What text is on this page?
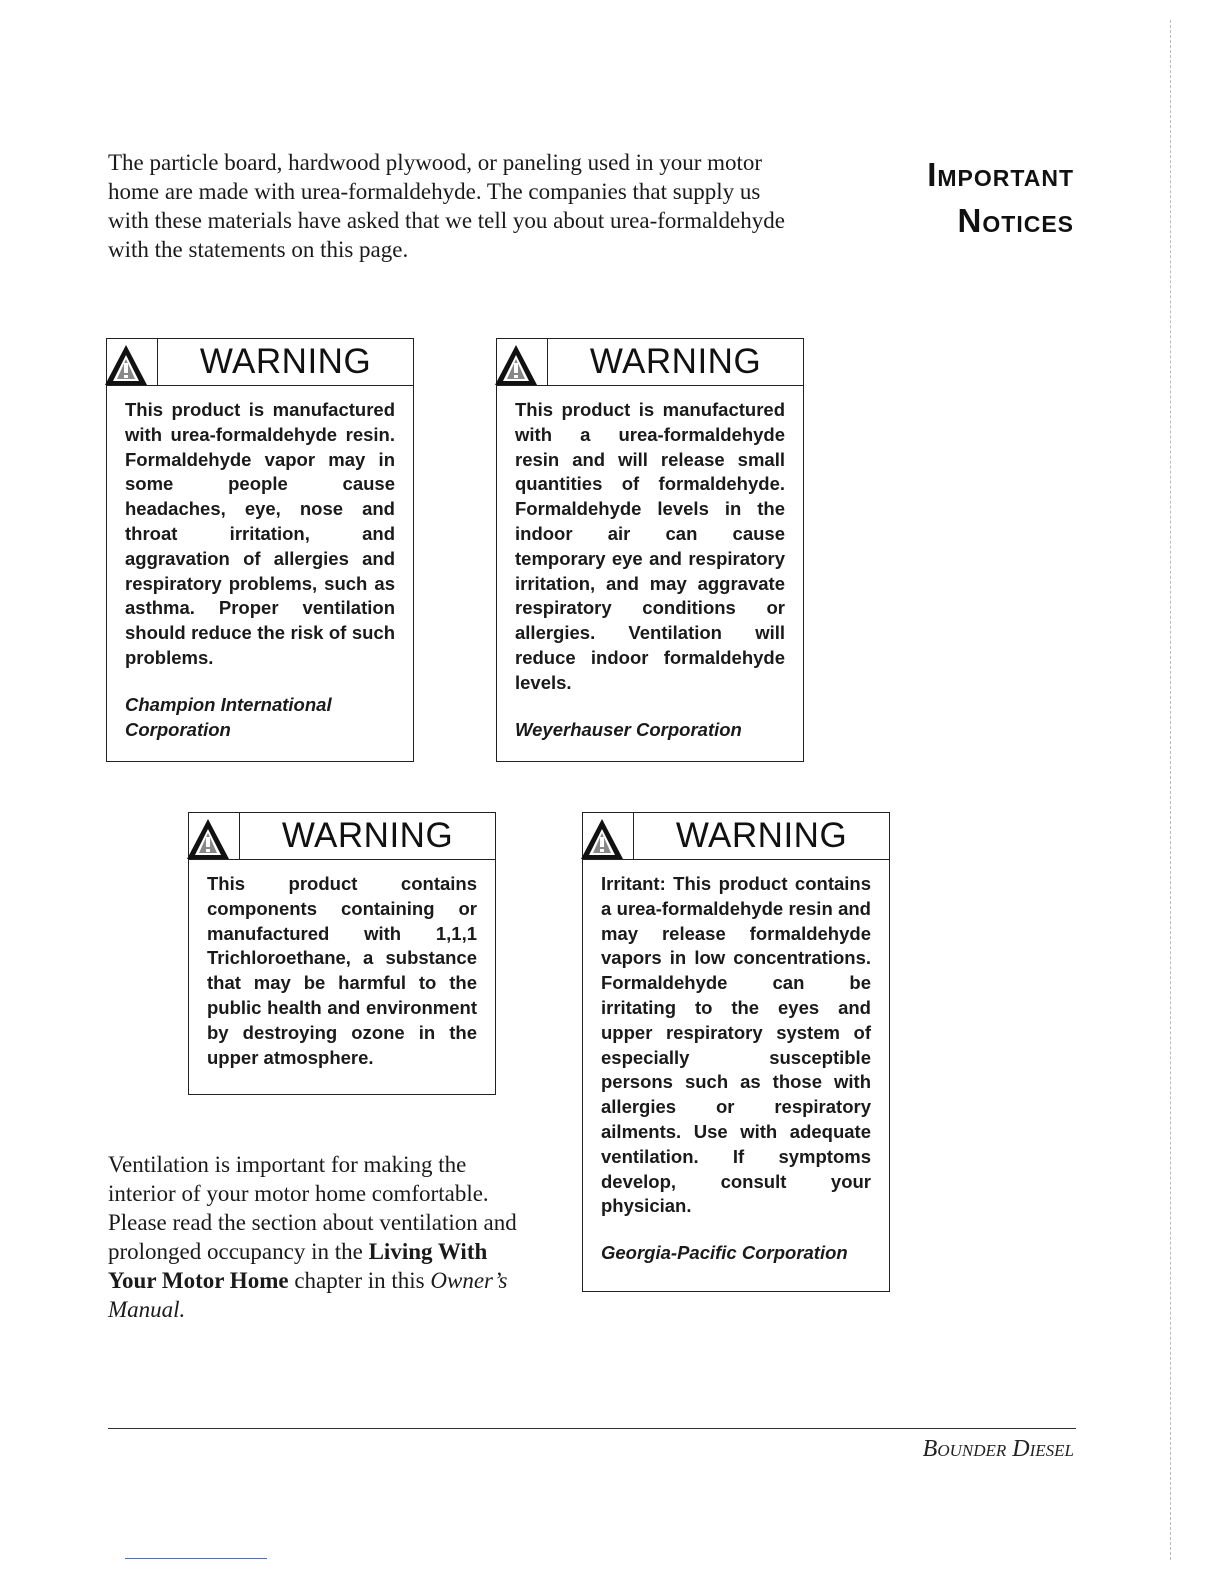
The particle board, hardwood plywood, or paneling used in your motor home are made with urea-formaldehyde. The companies that supply us with these materials have asked that we tell you about urea-formaldehyde with the statements on this page.

Important
Notices
WARNING
This product is manufactured with urea-formaldehyde resin. Formaldehyde vapor may in some people cause headaches, eye, nose and throat irritation, and aggravation of allergies and respiratory problems, such as asthma. Proper ventilation should reduce the risk of such problems.
Champion International Corporation
WARNING
This product is manufactured with a urea-formaldehyde resin and will release small quantities of formaldehyde. Formaldehyde levels in the indoor air can cause temporary eye and respiratory irritation, and may aggravate respiratory conditions or allergies. Ventilation will reduce indoor formaldehyde levels.
Weyerhauser Corporation
WARNING
This product contains components containing or manufactured with 1,1,1 Trichloroethane, a substance that may be harmful to the public health and environment by destroying ozone in the upper atmosphere.
WARNING
Irritant: This product contains a urea-formaldehyde resin and may release formaldehyde vapors in low concentrations. Formaldehyde can be irritating to the eyes and upper respiratory system of especially susceptible persons such as those with allergies or respiratory ailments. Use with adequate ventilation. If symptoms develop, consult your physician.
Georgia-Pacific Corporation

Ventilation is important for making the interior of your motor home comfortable. Please read the section about ventilation and prolonged occupancy in the Living With Your Motor Home chapter in this Owner’s Manual.

Bounder Diesel
